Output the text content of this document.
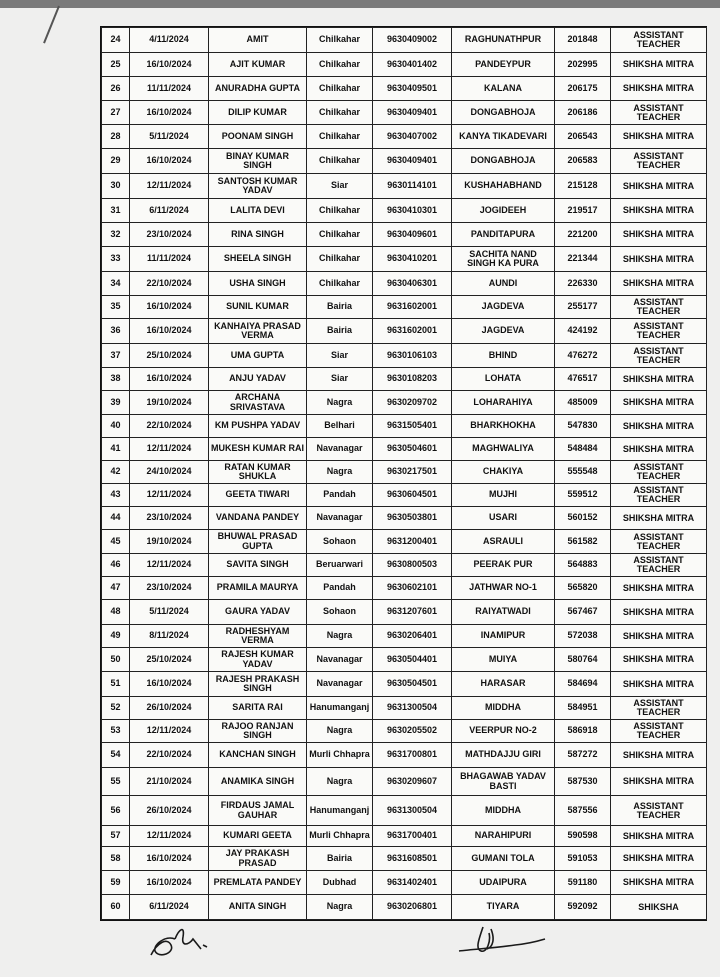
24	4/11/2024	AMIT	Chilkahar	9630409002	RAGHUNATHPUR	201848	ASSISTANT TEACHER
25	16/10/2024	AJIT KUMAR	Chilkahar	9630401402	PANDEYPUR	202995	SHIKSHA MITRA
26	11/11/2024	ANURADHA GUPTA	Chilkahar	9630409501	KALANA	206175	SHIKSHA MITRA
27	16/10/2024	DILIP KUMAR	Chilkahar	9630409401	DONGABHOJA	206186	ASSISTANT TEACHER
28	5/11/2024	POONAM SINGH	Chilkahar	9630407002	KANYA TIKADEVARI	206543	SHIKSHA MITRA
29	16/10/2024	BINAY KUMAR SINGH	Chilkahar	9630409401	DONGABHOJA	206583	ASSISTANT TEACHER
30	12/11/2024	SANTOSH KUMAR YADAV	Siar	9630114101	KUSHAHABHAND	215128	SHIKSHA MITRA
31	6/11/2024	LALITA DEVI	Chilkahar	9630410301	JOGIDEEH	219517	SHIKSHA MITRA
32	23/10/2024	RINA SINGH	Chilkahar	9630409601	PANDITAPURA	221200	SHIKSHA MITRA
33	11/11/2024	SHEELA SINGH	Chilkahar	9630410201	SACHITA NAND SINGH KA PURA	221344	SHIKSHA MITRA
34	22/10/2024	USHA SINGH	Chilkahar	9630406301	AUNDI	226330	SHIKSHA MITRA
35	16/10/2024	SUNIL KUMAR	Bairia	9631602001	JAGDEVA	255177	ASSISTANT TEACHER
36	16/10/2024	KANHAIYA PRASAD VERMA	Bairia	9631602001	JAGDEVA	424192	ASSISTANT TEACHER
37	25/10/2024	UMA GUPTA	Siar	9630106103	BHIND	476272	ASSISTANT TEACHER
38	16/10/2024	ANJU YADAV	Siar	9630108203	LOHATA	476517	SHIKSHA MITRA
39	19/10/2024	ARCHANA SRIVASTAVA	Nagra	9630209702	LOHARAHIYA	485009	SHIKSHA MITRA
40	22/10/2024	KM PUSHPA YADAV	Belhari	9631505401	BHARKHOKHA	547830	SHIKSHA MITRA
41	12/11/2024	MUKESH KUMAR RAI	Navanagar	9630504601	MAGHWALIYA	548484	SHIKSHA MITRA
42	24/10/2024	RATAN KUMAR SHUKLA	Nagra	9630217501	CHAKIYA	555548	ASSISTANT TEACHER
43	12/11/2024	GEETA TIWARI	Pandah	9630604501	MUJHI	559512	ASSISTANT TEACHER
44	23/10/2024	VANDANA PANDEY	Navanagar	9630503801	USARI	560152	SHIKSHA MITRA
45	19/10/2024	BHUWAL PRASAD GUPTA	Sohaon	9631200401	ASRAULI	561582	ASSISTANT TEACHER
46	12/11/2024	SAVITA SINGH	Beruarwari	9630800503	PEERAK PUR	564883	ASSISTANT TEACHER
47	23/10/2024	PRAMILA MAURYA	Pandah	9630602101	JATHWAR NO-1	565820	SHIKSHA MITRA
48	5/11/2024	GAURA YADAV	Sohaon	9631207601	RAIYATWADI	567467	SHIKSHA MITRA
49	8/11/2024	RADHESHYAM VERMA	Nagra	9630206401	INAMIPUR	572038	SHIKSHA MITRA
50	25/10/2024	RAJESH KUMAR YADAV	Navanagar	9630504401	MUIYA	580764	SHIKSHA MITRA
51	16/10/2024	RAJESH PRAKASH SINGH	Navanagar	9630504501	HARASAR	584694	SHIKSHA MITRA
52	26/10/2024	SARITA RAI	Hanumanganj	9631300504	MIDDHA	584951	ASSISTANT TEACHER
53	12/11/2024	RAJOO RANJAN SINGH	Nagra	9630205502	VEERPUR NO-2	586918	ASSISTANT TEACHER
54	22/10/2024	KANCHAN SINGH	Murli Chhapra	9631700801	MATHDAJJU GIRI	587272	SHIKSHA MITRA
55	21/10/2024	ANAMIKA SINGH	Nagra	9630209607	BHAGAWAB YADAV BASTI	587530	SHIKSHA MITRA
56	26/10/2024	FIRDAUS JAMAL GAUHAR	Hanumanganj	9631300504	MIDDHA	587556	ASSISTANT TEACHER
57	12/11/2024	KUMARI GEETA	Murli Chhapra	9631700401	NARAHIPURI	590598	SHIKSHA MITRA
58	16/10/2024	JAY PRAKASH PRASAD	Bairia	9631608501	GUMANI TOLA	591053	SHIKSHA MITRA
59	16/10/2024	PREMLATA PANDEY	Dubhad	9631402401	UDAIPURA	591180	SHIKSHA MITRA
60	6/11/2024	ANITA SINGH	Nagra	9630206801	TIYARA	592092	SHIKSHA
